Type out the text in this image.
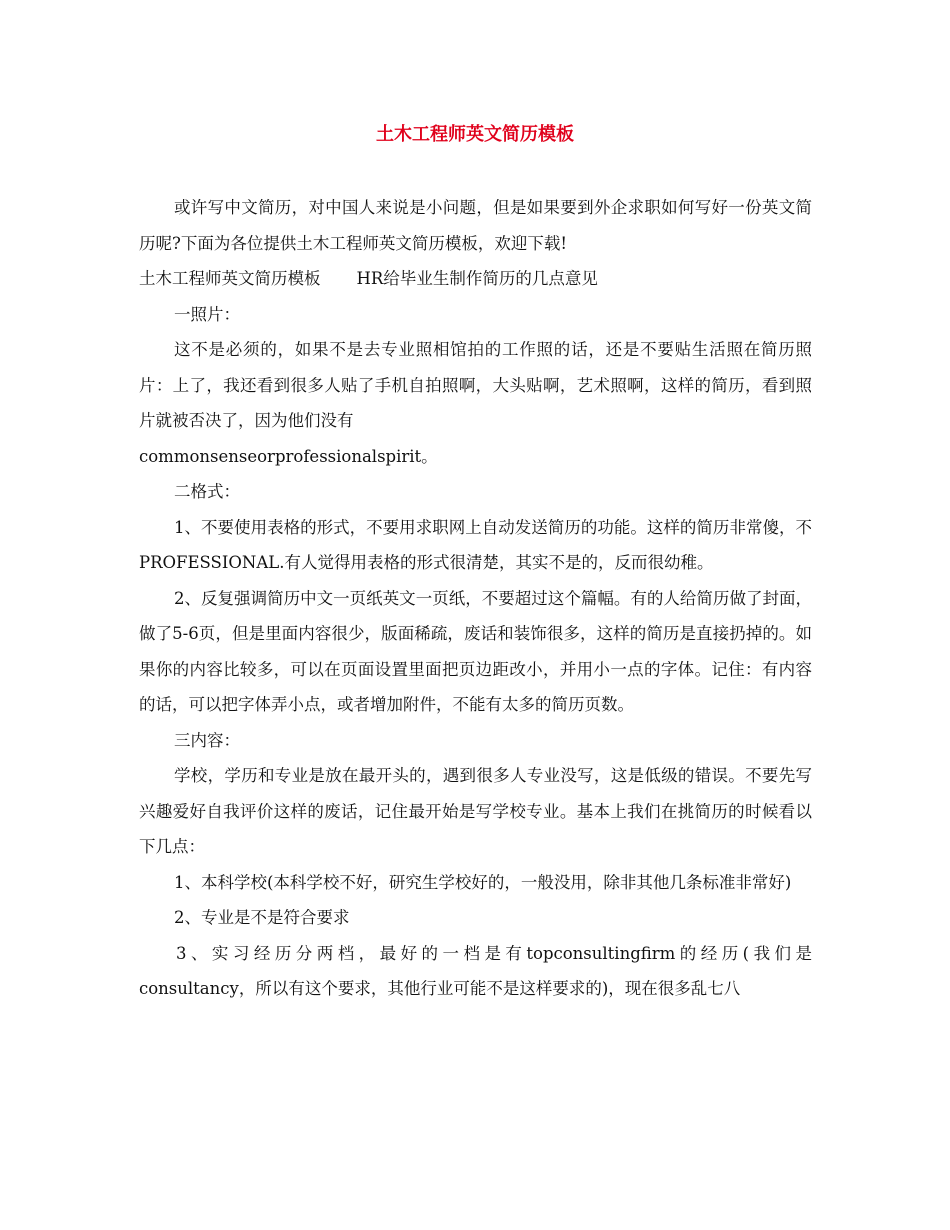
土木工程师英文简历模板

或许写中文简历，对中国人来说是小问题，但是如果要到外企求职如何写好一份英文简历呢?下面为各位提供土木工程师英文简历模板，欢迎下载!

土木工程师英文简历模板 HR给毕业生制作简历的几点意见

一照片：

这不是必须的，如果不是去专业照相馆拍的工作照的话，还是不要贴生活照在简历照片：上了，我还看到很多人贴了手机自拍照啊，大头贴啊，艺术照啊，这样的简历，看到照片就被否决了，因为他们没有

commonsenseorprofessionalspirit。

二格式：

1、不要使用表格的形式，不要用求职网上自动发送简历的功能。这样的简历非常傻，不PROFESSIONAL.有人觉得用表格的形式很清楚，其实不是的，反而很幼稚。

2、反复强调简历中文一页纸英文一页纸，不要超过这个篇幅。有的人给简历做了封面，做了5-6页，但是里面内容很少，版面稀疏，废话和装饰很多，这样的简历是直接扔掉的。如果你的内容比较多，可以在页面设置里面把页边距改小，并用小一点的字体。记住：有内容的话，可以把字体弄小点，或者增加附件，不能有太多的简历页数。

三内容：

学校，学历和专业是放在最开头的，遇到很多人专业没写，这是低级的错误。不要先写兴趣爱好自我评价这样的废话，记住最开始是写学校专业。基本上我们在挑简历的时候看以下几点：

1、本科学校(本科学校不好，研究生学校好的，一般没用，除非其他几条标准非常好)

2、专业是不是符合要求

3、实习经历分两档，最好的一档是有topconsultingfirm的经历(我们是consultancy，所以有这个要求，其他行业可能不是这样要求的)，现在很多乱七八
